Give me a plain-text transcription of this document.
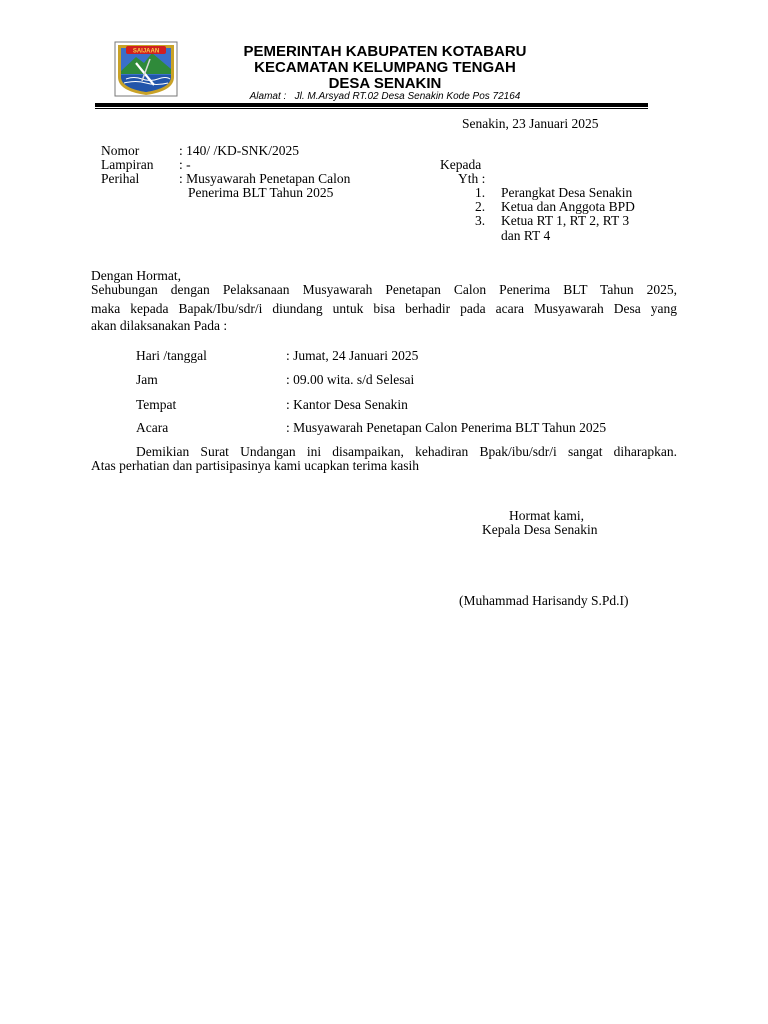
SAIJAAN	PEMERINTAH KABUPATEN KOTABARU
KECAMATAN KELUMPANG TENGAH
DESA SENAKIN
Alamat : Jl. M.Arsyad RT.02 Desa Senakin Kode Pos 72164
Senakin, 23 Januari 2025
Nomor	: 140/ /KD-SNK/2025
Lampiran : -
Perihal	: Musyawarah Penetapan Calon
Penerima BLT Tahun 2025
Kepada
Yth :
1. Perangkat Desa Senakin
2. Ketua dan Anggota BPD
3. Ketua RT 1, RT 2, RT 3
dan RT 4
Dengan Hormat,
Sehubungan dengan Pelaksanaan Musyawarah Penetapan Calon Penerima BLT Tahun 2025,
maka kepada Bapak/Ibu/sdr/i diundang untuk bisa berhadir pada acara Musyawarah Desa yang
akan dilaksanakan Pada :
Hari /tanggal	: Jumat, 24 Januari 2025
Jam	: 09.00 wita. s/d Selesai
Tempat	: Kantor Desa Senakin
Acara	: Musyawarah Penetapan Calon Penerima BLT Tahun 2025
Demikian Surat Undangan ini disampaikan, kehadiran Bpak/ibu/sdr/i sangat diharapkan.
Atas perhatian dan partisipasinya kami ucapkan terima kasih
Hormat kami,
Kepala Desa Senakin
(Muhammad Harisandy S.Pd.I)
